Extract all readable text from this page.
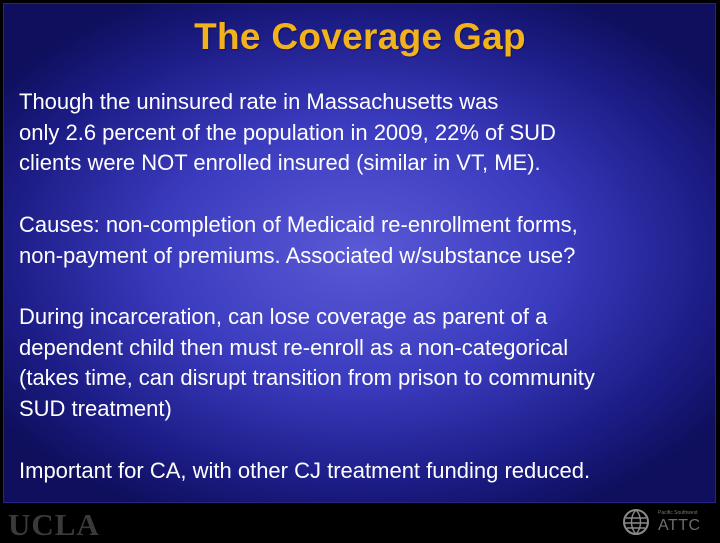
The Coverage Gap
Though the uninsured rate in Massachusetts was
only 2.6 percent of the population in 2009, 22% of SUD
clients were NOT enrolled insured (similar in VT, ME).
Causes: non-completion of Medicaid re-enrollment forms,
non-payment of premiums. Associated w/substance use?
During incarceration, can lose coverage as parent of a
dependent child then must re-enroll as a non-categorical
(takes time, can disrupt transition from prison to community
SUD treatment)
Important for CA, with other CJ treatment funding reduced.
UCLA	Pacific Southwest
ATTC
